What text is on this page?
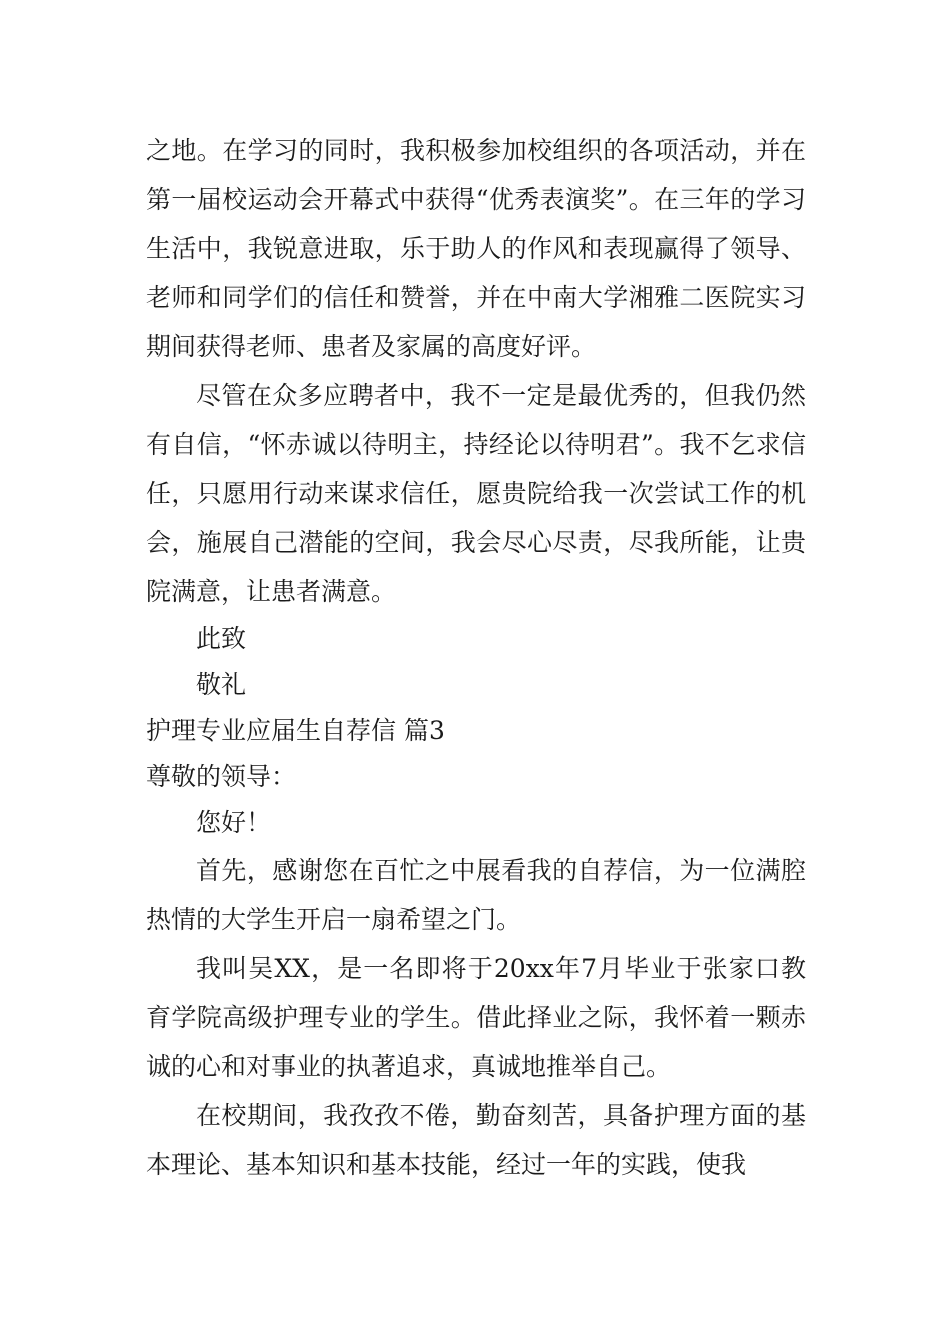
之地。在学习的同时，我积极参加校组织的各项活动，并在第一届校运动会开幕式中获得“优秀表演奖”。在三年的学习生活中，我锐意进取，乐于助人的作风和表现赢得了领导、老师和同学们的信任和赞誉，并在中南大学湘雅二医院实习期间获得老师、患者及家属的高度好评。

尽管在众多应聘者中，我不一定是最优秀的，但我仍然有自信，“怀赤诚以待明主，持经论以待明君”。我不乞求信任，只愿用行动来谋求信任，愿贵院给我一次尝试工作的机会，施展自己潜能的空间，我会尽心尽责，尽我所能，让贵院满意，让患者满意。

此致

敬礼

护理专业应届生自荐信 篇3

尊敬的领导：

您好！

首先，感谢您在百忙之中展看我的自荐信，为一位满腔热情的大学生开启一扇希望之门。

我叫吴XX，是一名即将于20xx年7月毕业于张家口教育学院高级护理专业的学生。借此择业之际，我怀着一颗赤诚的心和对事业的执著追求，真诚地推举自己。

在校期间，我孜孜不倦，勤奋刻苦，具备护理方面的基本理论、基本知识和基本技能，经过一年的实践，使我
